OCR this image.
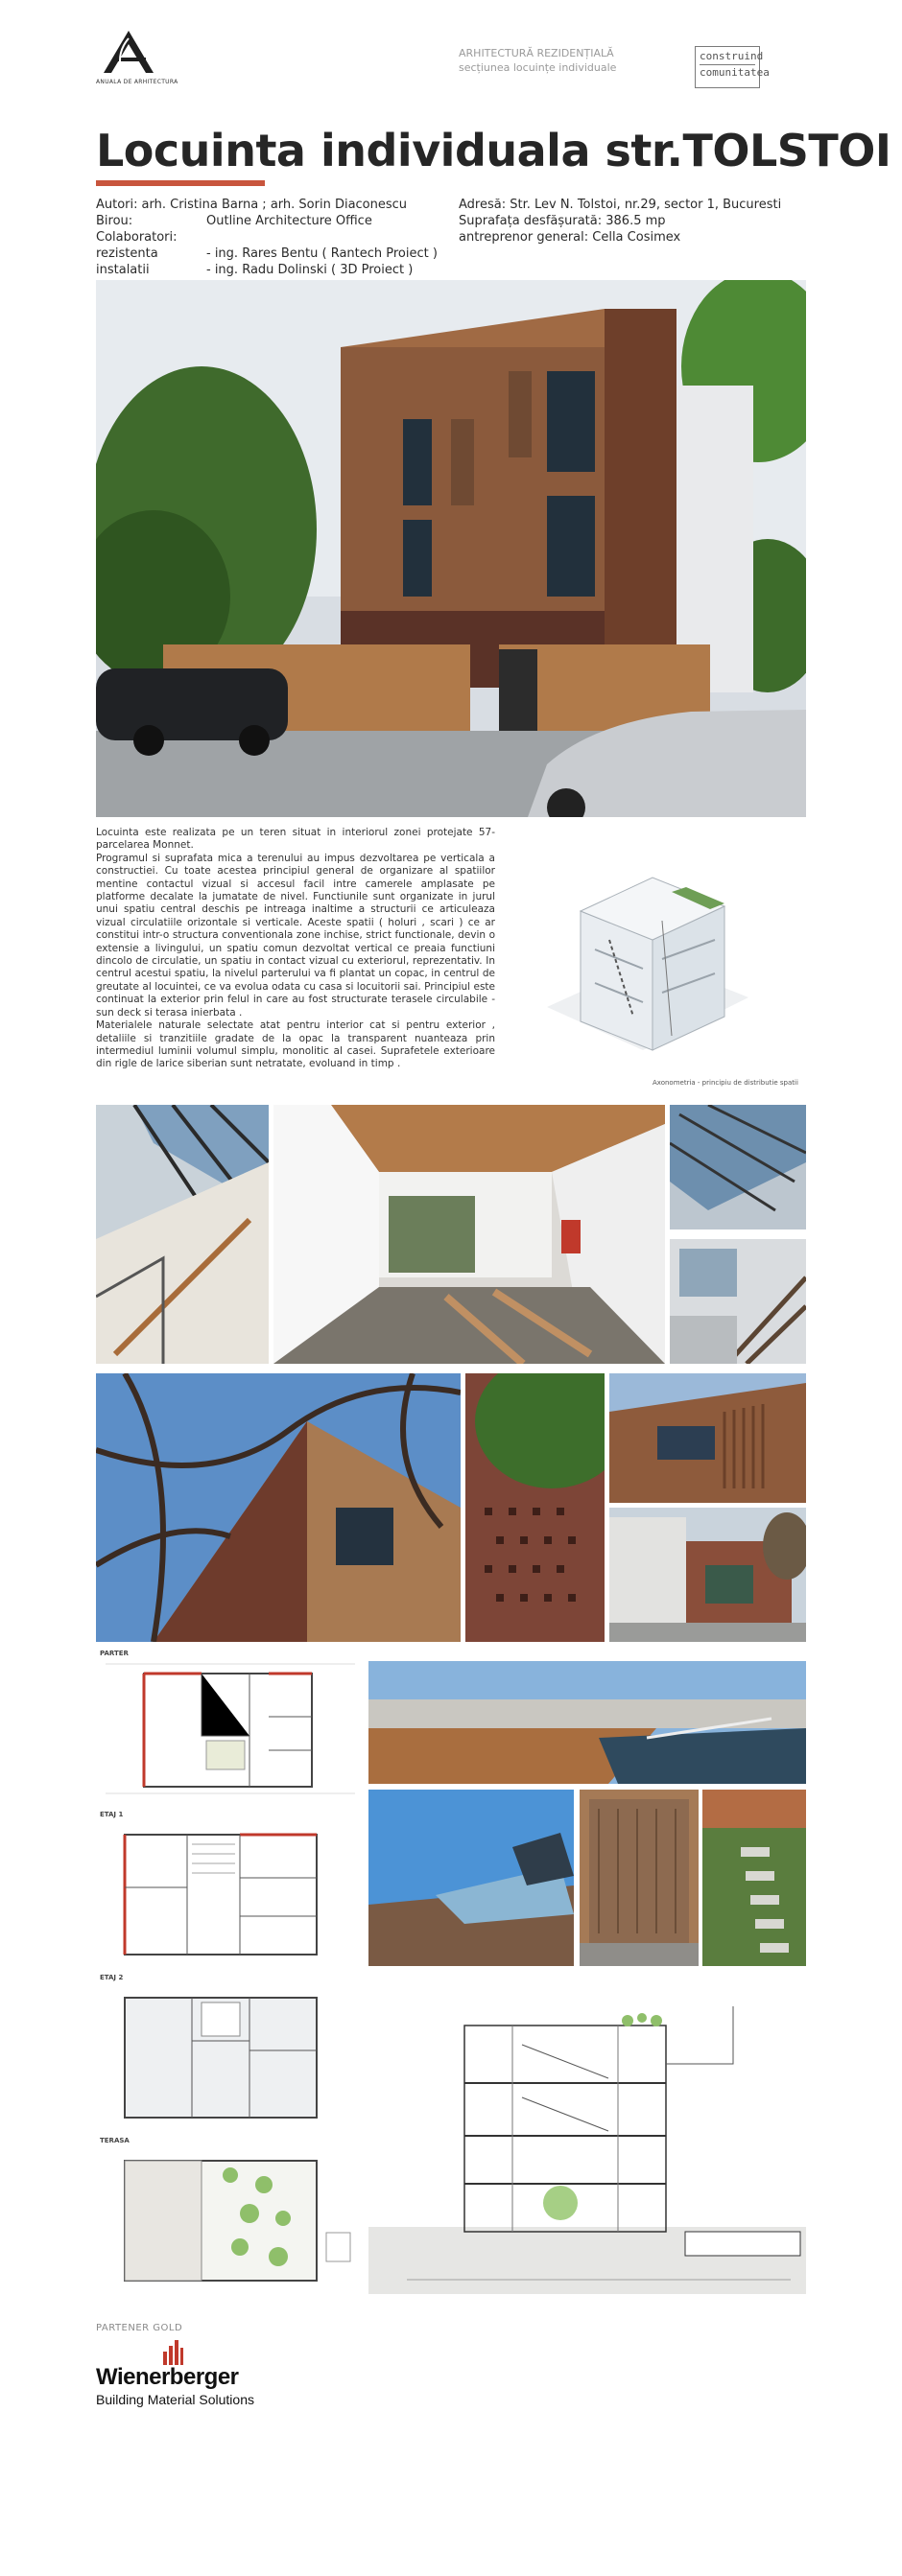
ANUALA DE ARHITECTURA
ARHITECTURĂ REZIDENȚIALĂ
secțiunea locuințe individuale
construind
comunitatea
Locuinta individuala str.TOLSTOI
Autori: arh. Cristina Barna ; arh. Sorin Diaconescu
Birou:	Outline Architecture Office
Colaboratori:
rezistenta	- ing. Rares Bentu ( Rantech Proiect )
instalatii	- ing. Radu Dolinski ( 3D Proiect )
Adresă: Str. Lev N. Tolstoi, nr.29, sector 1, Bucuresti
Suprafața desfășurată: 386.5 mp
antreprenor general: Cella Cosimex

Locuinta este realizata pe un teren situat in interiorul zonei protejate 57-parcelarea Monnet.

Programul si suprafata mica a terenului au impus dezvoltarea pe verticala a constructiei. Cu toate acestea principiul general de organizare al spatiilor mentine contactul vizual si accesul facil intre camerele amplasate pe platforme decalate la jumatate de nivel. Functiunile sunt organizate in jurul unui spatiu central deschis pe intreaga inaltime a structurii ce articuleaza vizual circulatiile orizontale si verticale. Aceste spatii ( holuri , scari ) ce ar constitui intr-o structura conventionala zone inchise, strict functionale, devin o extensie a livingului, un spatiu comun dezvoltat vertical ce preaia functiuni dincolo de circulatie, un spatiu in contact vizual cu exteriorul, reprezentativ. In centrul acestui spatiu, la nivelul parterului va fi plantat un copac, in centrul de greutate al locuintei, ce va evolua odata cu casa si locuitorii sai. Principiul este continuat la exterior prin felul in care au fost structurate terasele circulabile - sun deck si terasa inierbata .

Materialele naturale selectate atat pentru interior cat si pentru exterior , detaliile si tranzitiile gradate de la opac la transparent nuanteaza prin intermediul luminii volumul simplu, monolitic al casei. Suprafetele exterioare din rigle de larice siberian sunt netratate, evoluand in timp .

Axonometria - principiu de distributie spatii
PARTER
ETAJ 1
ETAJ 2
TERASA
PARTENER GOLD
Wienerberger
Building Material Solutions
